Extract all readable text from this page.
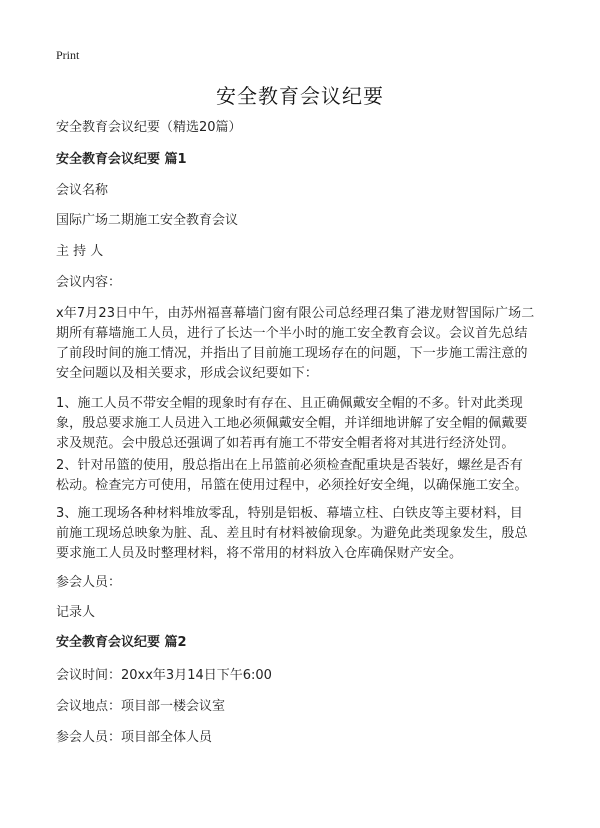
Print
安全教育会议纪要
安全教育会议纪要（精选20篇）
安全教育会议纪要 篇1
会议名称
国际广场二期施工安全教育会议
主 持 人
会议内容：
x年7月23日中午，由苏州福喜幕墙门窗有限公司总经理召集了港龙财智国际广场二
期所有幕墙施工人员，进行了长达一个半小时的施工安全教育会议。会议首先总结
了前段时间的施工情况，并指出了目前施工现场存在的问题，下一步施工需注意的
安全问题以及相关要求，形成会议纪要如下：
1、施工人员不带安全帽的现象时有存在、且正确佩戴安全帽的不多。针对此类现
象，殷总要求施工人员进入工地必须佩戴安全帽，并详细地讲解了安全帽的佩戴要
求及规范。会中殷总还强调了如若再有施工不带安全帽者将对其进行经济处罚。
2、针对吊篮的使用，殷总指出在上吊篮前必须检查配重块是否装好，螺丝是否有
松动。检查完方可使用，吊篮在使用过程中，必须拴好安全绳，以确保施工安全。
3、施工现场各种材料堆放零乱，特别是铝板、幕墙立柱、白铁皮等主要材料，目
前施工现场总映象为脏、乱、差且时有材料被偷现象。为避免此类现象发生，殷总
要求施工人员及时整理材料，将不常用的材料放入仓库确保财产安全。
参会人员：
记录人
安全教育会议纪要 篇2
会议时间：20xx年3月14日下午6:00
会议地点：项目部一楼会议室
参会人员：项目部全体人员
